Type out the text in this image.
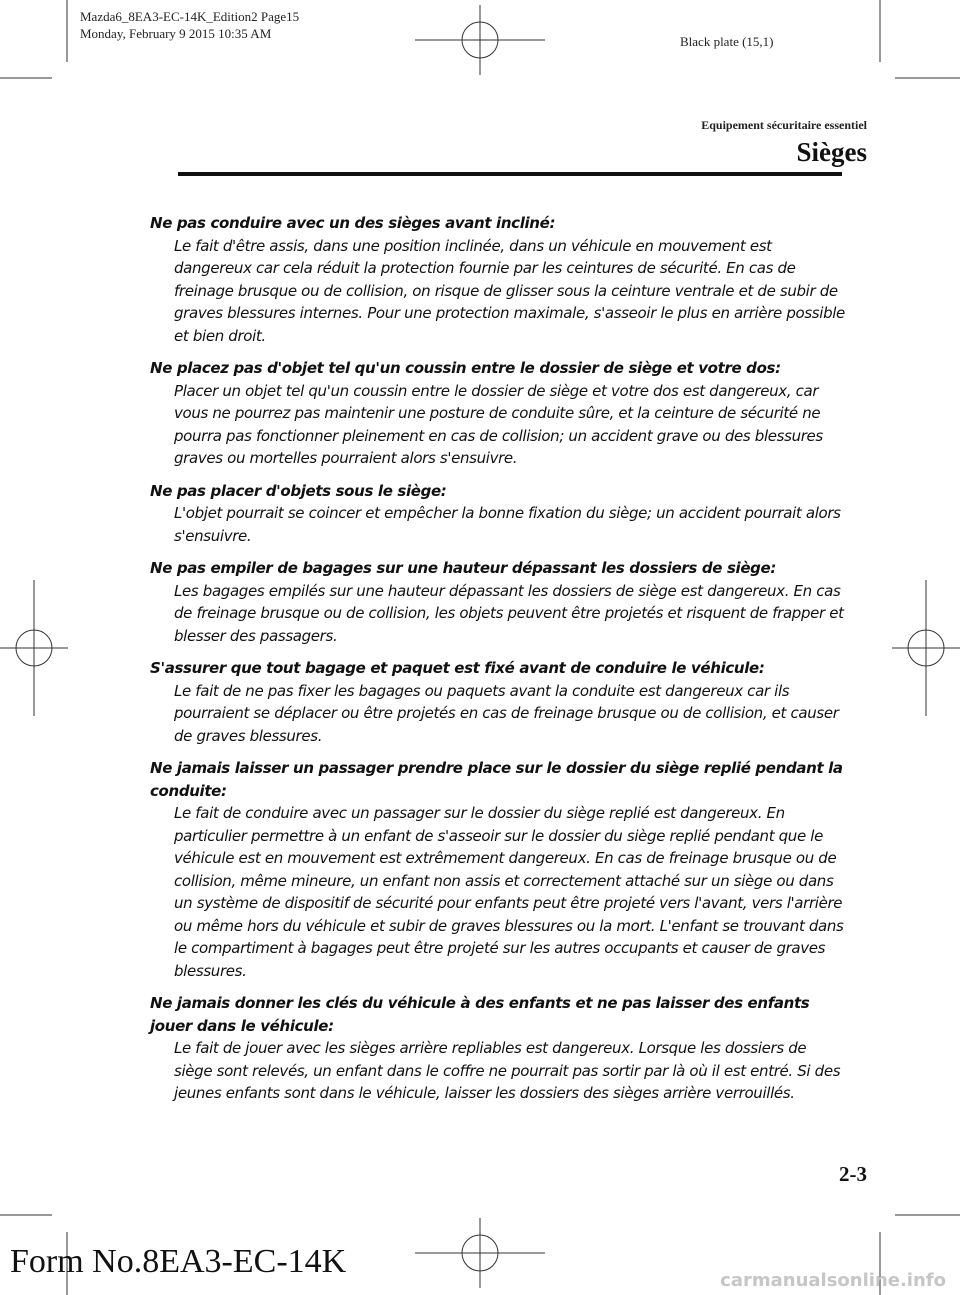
Mazda6_8EA3-EC-14K_Edition2 Page15
Monday, February 9 2015 10:35 AM
Black plate (15,1)
Equipement sécuritaire essentiel
Sièges
Ne pas conduire avec un des sièges avant incliné:
Le fait d'être assis, dans une position inclinée, dans un véhicule en mouvement est dangereux car cela réduit la protection fournie par les ceintures de sécurité. En cas de freinage brusque ou de collision, on risque de glisser sous la ceinture ventrale et de subir de graves blessures internes. Pour une protection maximale, s'asseoir le plus en arrière possible et bien droit.
Ne placez pas d'objet tel qu'un coussin entre le dossier de siège et votre dos:
Placer un objet tel qu'un coussin entre le dossier de siège et votre dos est dangereux, car vous ne pourrez pas maintenir une posture de conduite sûre, et la ceinture de sécurité ne pourra pas fonctionner pleinement en cas de collision; un accident grave ou des blessures graves ou mortelles pourraient alors s'ensuivre.
Ne pas placer d'objets sous le siège:
L'objet pourrait se coincer et empêcher la bonne fixation du siège; un accident pourrait alors s'ensuivre.
Ne pas empiler de bagages sur une hauteur dépassant les dossiers de siège:
Les bagages empilés sur une hauteur dépassant les dossiers de siège est dangereux. En cas de freinage brusque ou de collision, les objets peuvent être projetés et risquent de frapper et blesser des passagers.
S'assurer que tout bagage et paquet est fixé avant de conduire le véhicule:
Le fait de ne pas fixer les bagages ou paquets avant la conduite est dangereux car ils pourraient se déplacer ou être projetés en cas de freinage brusque ou de collision, et causer de graves blessures.
Ne jamais laisser un passager prendre place sur le dossier du siège replié pendant la conduite:
Le fait de conduire avec un passager sur le dossier du siège replié est dangereux. En particulier permettre à un enfant de s'asseoir sur le dossier du siège replié pendant que le véhicule est en mouvement est extrêmement dangereux. En cas de freinage brusque ou de collision, même mineure, un enfant non assis et correctement attaché sur un siège ou dans un système de dispositif de sécurité pour enfants peut être projeté vers l'avant, vers l'arrière ou même hors du véhicule et subir de graves blessures ou la mort. L'enfant se trouvant dans le compartiment à bagages peut être projeté sur les autres occupants et causer de graves blessures.
Ne jamais donner les clés du véhicule à des enfants et ne pas laisser des enfants jouer dans le véhicule:
Le fait de jouer avec les sièges arrière repliables est dangereux. Lorsque les dossiers de siège sont relevés, un enfant dans le coffre ne pourrait pas sortir par là où il est entré. Si des jeunes enfants sont dans le véhicule, laisser les dossiers des sièges arrière verrouillés.
2-3
Form No.8EA3-EC-14K
carmanualsonline.info
